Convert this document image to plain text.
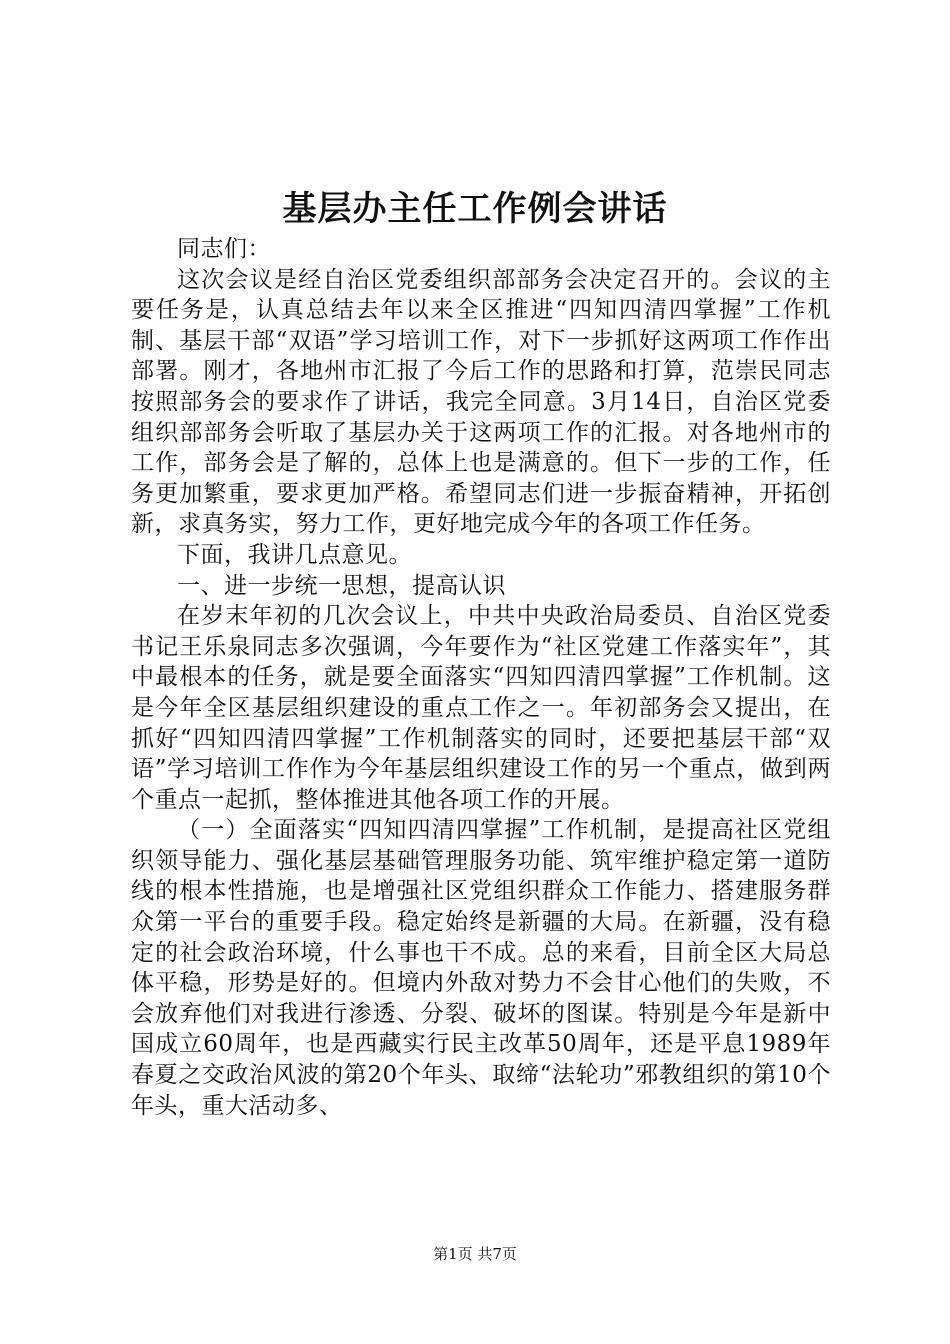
基层办主任工作例会讲话

同志们：

这次会议是经自治区党委组织部部务会决定召开的。会议的主要任务是，认真总结去年以来全区推进“四知四清四掌握”工作机制、基层干部“双语”学习培训工作，对下一步抓好这两项工作作出部署。刚才，各地州市汇报了今后工作的思路和打算，范崇民同志按照部务会的要求作了讲话，我完全同意。3月14日，自治区党委组织部部务会听取了基层办关于这两项工作的汇报。对各地州市的工作，部务会是了解的，总体上也是满意的。但下一步的工作，任务更加繁重，要求更加严格。希望同志们进一步振奋精神，开拓创新，求真务实，努力工作，更好地完成今年的各项工作任务。

下面，我讲几点意见。

一、进一步统一思想，提高认识

在岁末年初的几次会议上，中共中央政治局委员、自治区党委书记王乐泉同志多次强调，今年要作为“社区党建工作落实年”，其中最根本的任务，就是要全面落实“四知四清四掌握”工作机制。这是今年全区基层组织建设的重点工作之一。年初部务会又提出，在抓好“四知四清四掌握”工作机制落实的同时，还要把基层干部“双语”学习培训工作作为今年基层组织建设工作的另一个重点，做到两个重点一起抓，整体推进其他各项工作的开展。

（一）全面落实“四知四清四掌握”工作机制，是提高社区党组织领导能力、强化基层基础管理服务功能、筑牢维护稳定第一道防线的根本性措施，也是增强社区党组织群众工作能力、搭建服务群众第一平台的重要手段。稳定始终是新疆的大局。在新疆，没有稳定的社会政治环境，什么事也干不成。总的来看，目前全区大局总体平稳，形势是好的。但境内外敌对势力不会甘心他们的失败，不会放弃他们对我进行渗透、分裂、破坏的图谋。特别是今年是新中国成立60周年，也是西藏实行民主改革50周年，还是平息1989年春夏之交政治风波的第20个年头、取缔“法轮功”邪教组织的第10个年头，重大活动多、

第1页 共7页
